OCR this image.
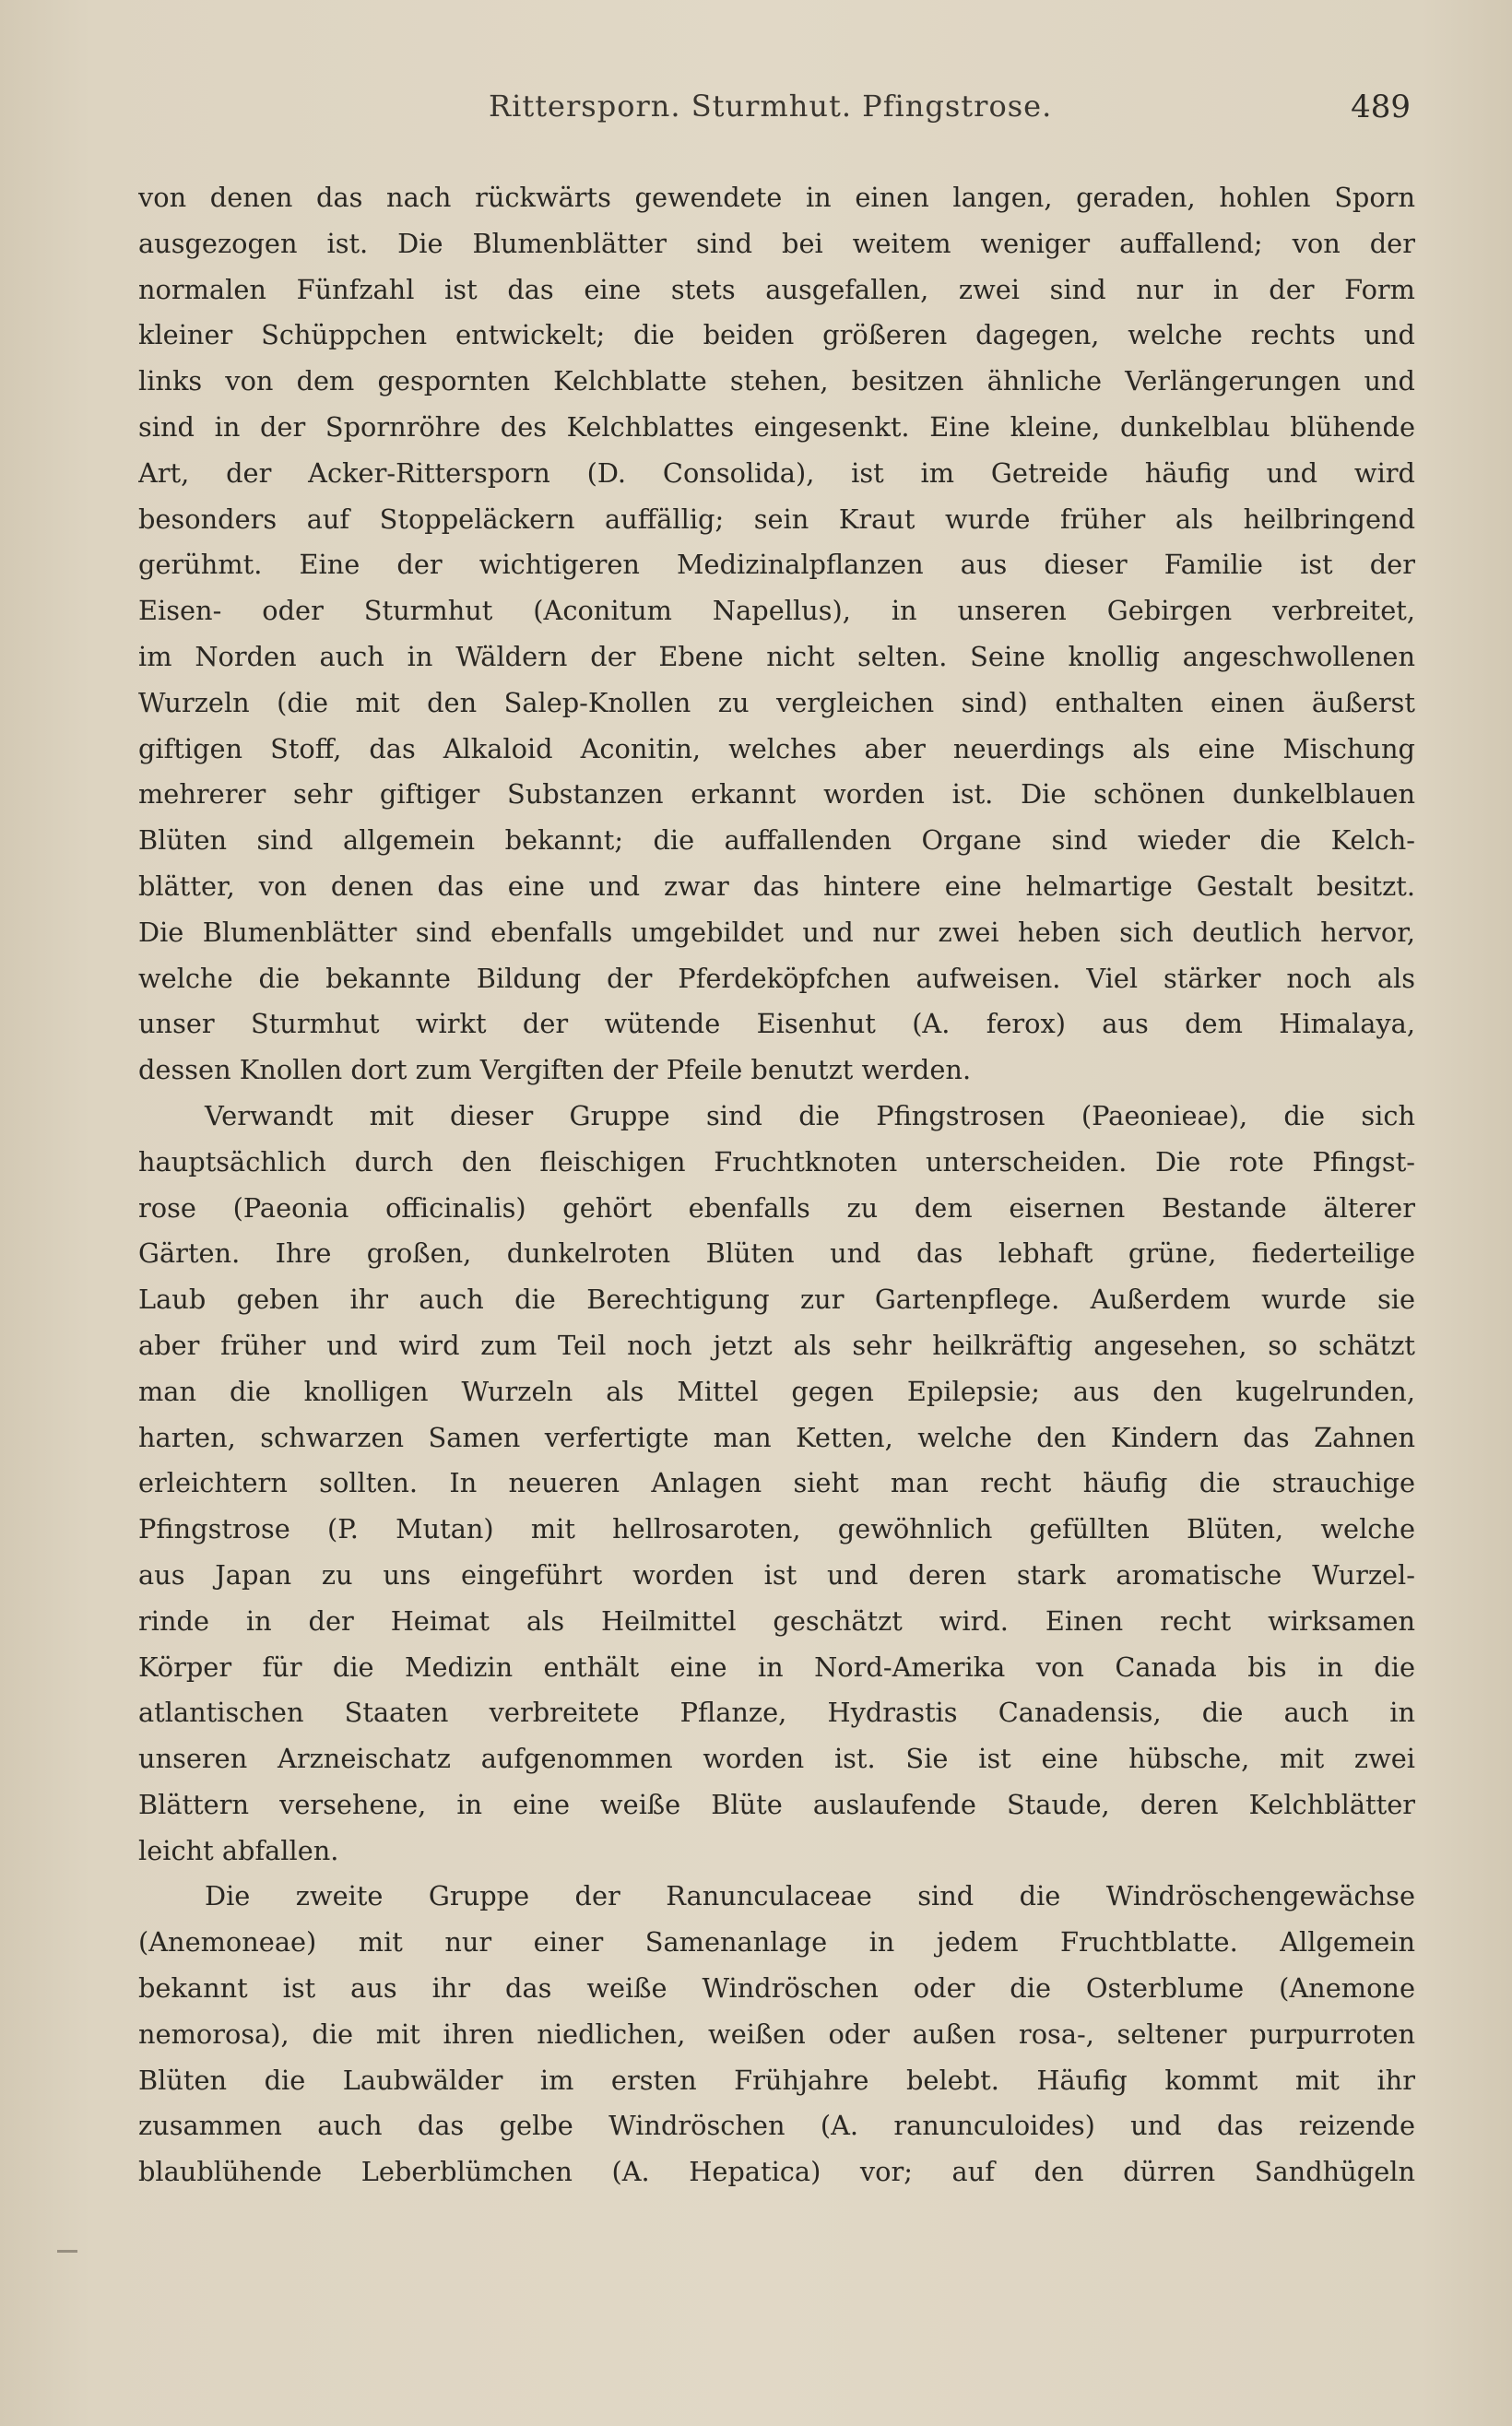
Rittersporn. Sturmhut. Pfingstrose.	489
von denen das nach rückwärts gewendete in einen langen, geraden, hohlen Sporn
ausgezogen ist. Die Blumenblätter sind bei weitem weniger auffallend; von der
normalen Fünfzahl ist das eine stets ausgefallen, zwei sind nur in der Form
kleiner Schüppchen entwickelt; die beiden größeren dagegen, welche rechts und
links von dem gespornten Kelchblatte stehen, besitzen ähnliche Verlängerungen und
sind in der Spornröhre des Kelchblattes eingesenkt. Eine kleine, dunkelblau blühende
Art, der Acker-Rittersporn (D. Consolida), ist im Getreide häufig und wird
besonders auf Stoppeläckern auffällig; sein Kraut wurde früher als heilbringend
gerühmt. Eine der wichtigeren Medizinalpflanzen aus dieser Familie ist der
Eisen- oder Sturmhut (Aconitum Napellus), in unseren Gebirgen verbreitet,
im Norden auch in Wäldern der Ebene nicht selten. Seine knollig angeschwollenen
Wurzeln (die mit den Salep-Knollen zu vergleichen sind) enthalten einen äußerst
giftigen Stoff, das Alkaloid Aconitin, welches aber neuerdings als eine Mischung
mehrerer sehr giftiger Substanzen erkannt worden ist. Die schönen dunkelblauen
Blüten sind allgemein bekannt; die auffallenden Organe sind wieder die Kelch-
blätter, von denen das eine und zwar das hintere eine helmartige Gestalt besitzt.
Die Blumenblätter sind ebenfalls umgebildet und nur zwei heben sich deutlich hervor,
welche die bekannte Bildung der Pferdeköpfchen aufweisen. Viel stärker noch als
unser Sturmhut wirkt der wütende Eisenhut (A. ferox) aus dem Himalaya,
dessen Knollen dort zum Vergiften der Pfeile benutzt werden.
Verwandt mit dieser Gruppe sind die Pfingstrosen (Paeonieae), die sich
hauptsächlich durch den fleischigen Fruchtknoten unterscheiden. Die rote Pfingst-
rose (Paeonia officinalis) gehört ebenfalls zu dem eisernen Bestande älterer
Gärten. Ihre großen, dunkelroten Blüten und das lebhaft grüne, fiederteilige
Laub geben ihr auch die Berechtigung zur Gartenpflege. Außerdem wurde sie
aber früher und wird zum Teil noch jetzt als sehr heilkräftig angesehen, so schätzt
man die knolligen Wurzeln als Mittel gegen Epilepsie; aus den kugelrunden,
harten, schwarzen Samen verfertigte man Ketten, welche den Kindern das Zahnen
erleichtern sollten. In neueren Anlagen sieht man recht häufig die strauchige
Pfingstrose (P. Mutan) mit hellrosaroten, gewöhnlich gefüllten Blüten, welche
aus Japan zu uns eingeführt worden ist und deren stark aromatische Wurzel-
rinde in der Heimat als Heilmittel geschätzt wird. Einen recht wirksamen
Körper für die Medizin enthält eine in Nord-Amerika von Canada bis in die
atlantischen Staaten verbreitete Pflanze, Hydrastis Canadensis, die auch in
unseren Arzneischatz aufgenommen worden ist. Sie ist eine hübsche, mit zwei
Blättern versehene, in eine weiße Blüte auslaufende Staude, deren Kelchblätter
leicht abfallen.
Die zweite Gruppe der Ranunculaceae sind die Windröschengewächse
(Anemoneae) mit nur einer Samenanlage in jedem Fruchtblatte. Allgemein
bekannt ist aus ihr das weiße Windröschen oder die Osterblume (Anemone
nemorosa), die mit ihren niedlichen, weißen oder außen rosa-, seltener purpurroten
Blüten die Laubwälder im ersten Frühjahre belebt. Häufig kommt mit ihr
zusammen auch das gelbe Windröschen (A. ranunculoides) und das reizende
blaublühende Leberblümchen (A. Hepatica) vor; auf den dürren Sandhügeln
